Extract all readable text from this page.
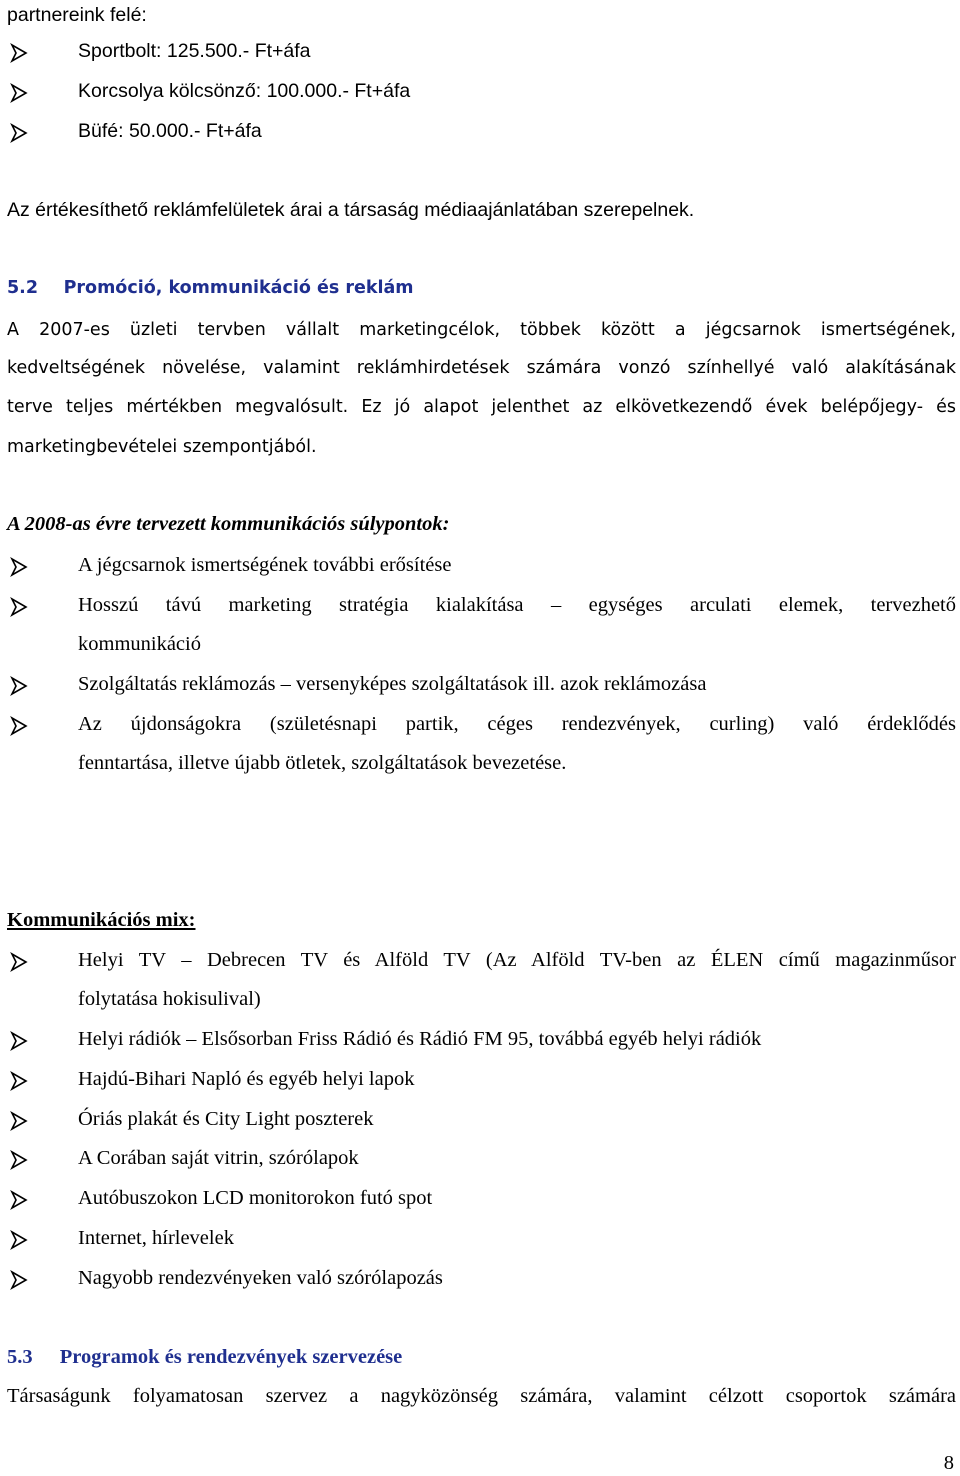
partnereink felé:
Sportbolt: 125.500.- Ft+áfa
Korcsolya kölcsönző: 100.000.- Ft+áfa
Büfé: 50.000.- Ft+áfa
Az értékesíthető reklámfelületek árai a társaság médiaajánlatában szerepelnek.
5.2 Promóció, kommunikáció és reklám
A 2007-es üzleti tervben vállalt marketingcélok, többek között a jégcsarnok ismertségének,
kedveltségének növelése, valamint reklámhirdetések számára vonzó színhellyé való alakításának
terve teljes mértékben megvalósult. Ez jó alapot jelenthet az elkövetkezendő évek belépőjegy- és
marketingbevételei szempontjából.
A 2008-as évre tervezett kommunikációs súlypontok:
A jégcsarnok ismertségének további erősítése
Hosszú távú marketing stratégia kialakítása – egységes arculati elemek, tervezhető
kommunikáció
Szolgáltatás reklámozás – versenyképes szolgáltatások ill. azok reklámozása
Az újdonságokra (születésnapi partik, céges rendezvények, curling) való érdeklődés
fenntartása, illetve újabb ötletek, szolgáltatások bevezetése.
Kommunikációs mix:
Helyi TV – Debrecen TV és Alföld TV (Az Alföld TV-ben az ÉLEN című magazinműsor
folytatása hokisulival)
Helyi rádiók – Elsősorban Friss Rádió és Rádió FM 95, továbbá egyéb helyi rádiók
Hajdú-Bihari Napló és egyéb helyi lapok
Óriás plakát és City Light poszterek
A Corában saját vitrin, szórólapok
Autóbuszokon LCD monitorokon futó spot
Internet, hírlevelek
Nagyobb rendezvényeken való szórólapozás
5.3 Programok és rendezvények szervezése
Társaságunk folyamatosan szervez a nagyközönség számára, valamint célzott csoportok számára
8
